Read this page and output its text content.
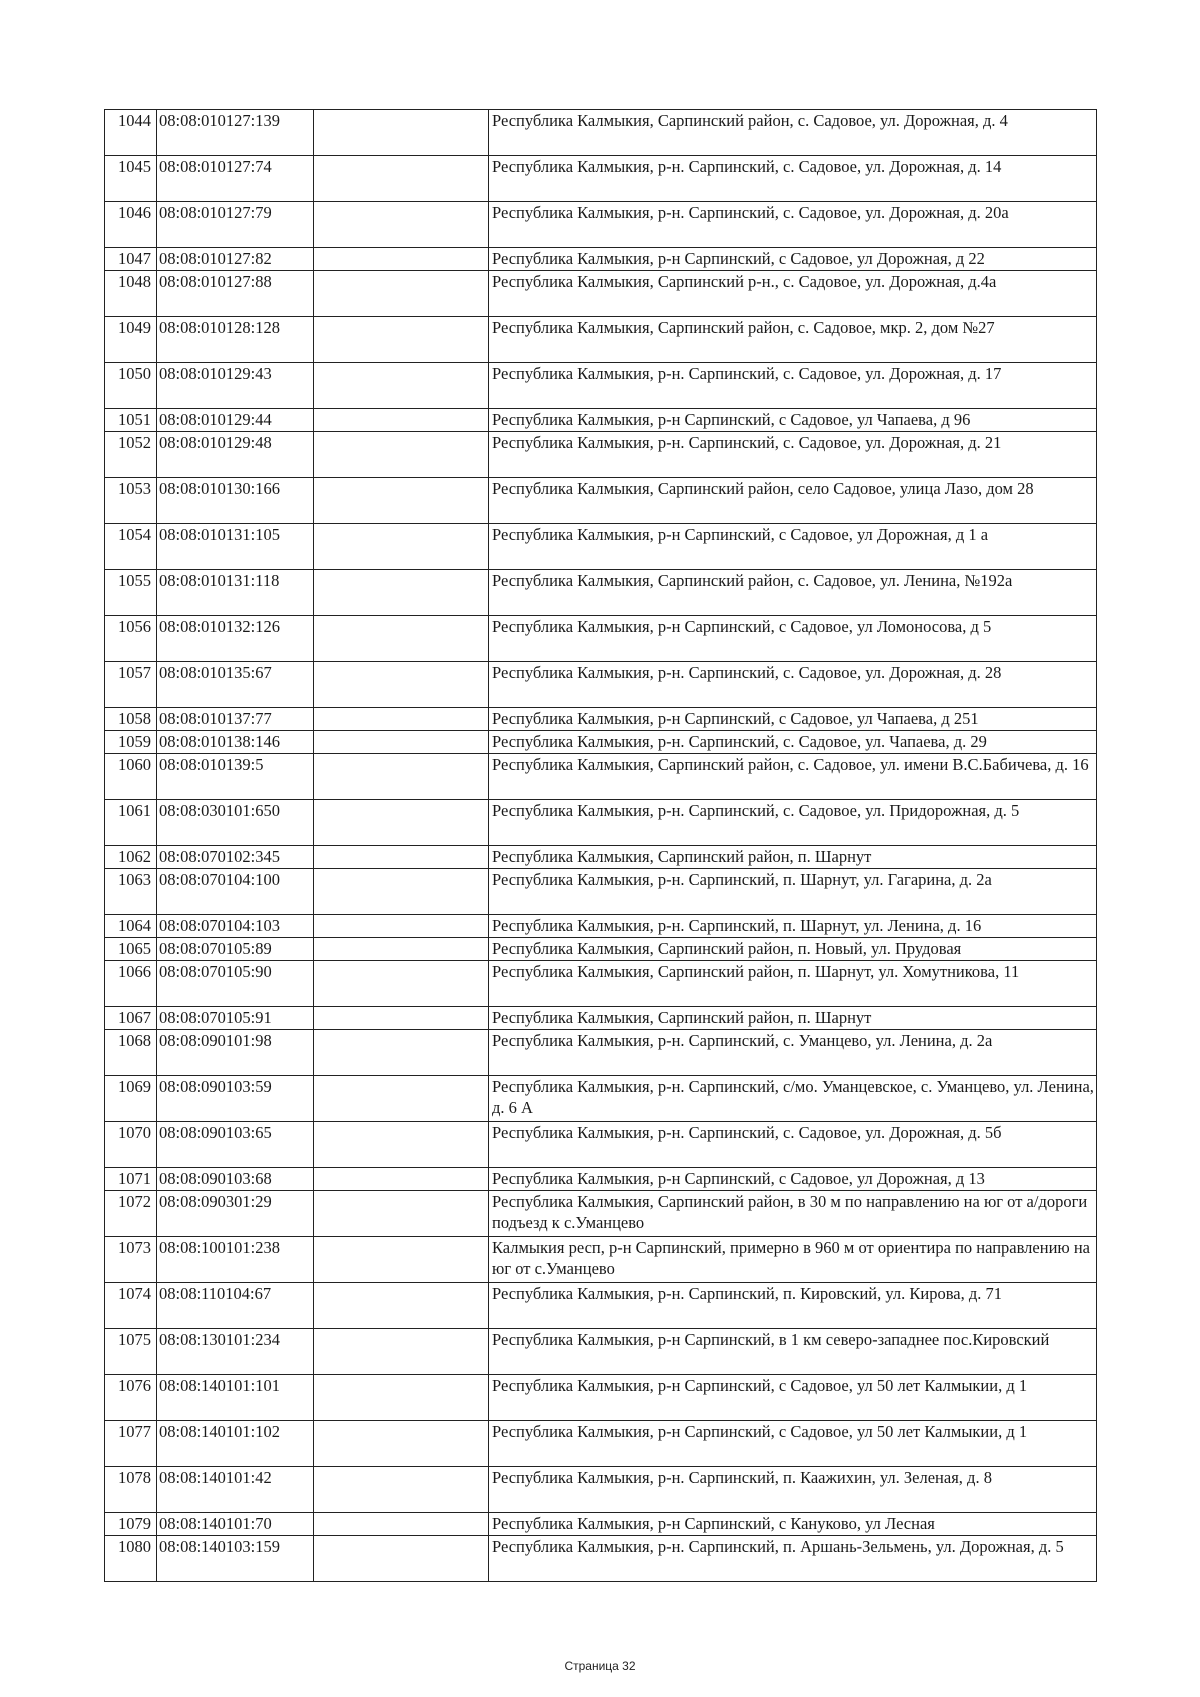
1044	08:08:010127:139		Республика Калмыкия, Сарпинский район, с. Садовое, ул. Дорожная, д. 4
1045	08:08:010127:74		Республика Калмыкия, р-н. Сарпинский, с. Садовое, ул. Дорожная, д. 14
1046	08:08:010127:79		Республика Калмыкия, р-н. Сарпинский, с. Садовое, ул. Дорожная, д. 20а
1047	08:08:010127:82		Республика Калмыкия, р-н Сарпинский, с Садовое, ул Дорожная, д 22
1048	08:08:010127:88		Республика Калмыкия, Сарпинский р-н., с. Садовое, ул. Дорожная, д.4а
1049	08:08:010128:128		Республика Калмыкия, Сарпинский район, с. Садовое, мкр. 2, дом №27
1050	08:08:010129:43		Республика Калмыкия, р-н. Сарпинский, с. Садовое, ул. Дорожная, д. 17
1051	08:08:010129:44		Республика Калмыкия, р-н Сарпинский, с Садовое, ул Чапаева, д 96
1052	08:08:010129:48		Республика Калмыкия, р-н. Сарпинский, с. Садовое, ул. Дорожная, д. 21
1053	08:08:010130:166		Республика Калмыкия, Сарпинский район, село Садовое, улица Лазо, дом 28
1054	08:08:010131:105		Республика Калмыкия, р-н Сарпинский, с Садовое, ул Дорожная, д 1 а
1055	08:08:010131:118		Республика Калмыкия, Сарпинский район, с. Садовое, ул. Ленина, №192а
1056	08:08:010132:126		Республика Калмыкия, р-н Сарпинский, с Садовое, ул Ломоносова, д 5
1057	08:08:010135:67		Республика Калмыкия, р-н. Сарпинский, с. Садовое, ул. Дорожная, д. 28
1058	08:08:010137:77		Республика Калмыкия, р-н Сарпинский, с Садовое, ул Чапаева, д 251
1059	08:08:010138:146		Республика Калмыкия, р-н. Сарпинский, с. Садовое, ул. Чапаева, д. 29
1060	08:08:010139:5		Республика Калмыкия, Сарпинский район, с. Садовое, ул. имени В.С.Бабичева, д. 16
1061	08:08:030101:650		Республика Калмыкия, р-н. Сарпинский, с. Садовое, ул. Придорожная, д. 5
1062	08:08:070102:345		Республика Калмыкия, Сарпинский район, п. Шарнут
1063	08:08:070104:100		Республика Калмыкия, р-н. Сарпинский, п. Шарнут, ул. Гагарина, д. 2а
1064	08:08:070104:103		Республика Калмыкия, р-н. Сарпинский, п. Шарнут, ул. Ленина, д. 16
1065	08:08:070105:89		Республика Калмыкия, Сарпинский район, п. Новый, ул. Прудовая
1066	08:08:070105:90		Республика Калмыкия, Сарпинский район, п. Шарнут, ул. Хомутникова, 11
1067	08:08:070105:91		Республика Калмыкия, Сарпинский район, п. Шарнут
1068	08:08:090101:98		Республика Калмыкия, р-н. Сарпинский, с. Уманцево, ул. Ленина, д. 2а
1069	08:08:090103:59		Республика Калмыкия, р-н. Сарпинский, с/мо. Уманцевское, с. Уманцево, ул. Ленина, д. 6 А
1070	08:08:090103:65		Республика Калмыкия, р-н. Сарпинский, с. Садовое, ул. Дорожная, д. 5б
1071	08:08:090103:68		Республика Калмыкия, р-н Сарпинский, с Садовое, ул Дорожная, д 13
1072	08:08:090301:29		Республика Калмыкия, Сарпинский район, в 30 м по направлению на юг от а/дороги подъезд к с.Уманцево
1073	08:08:100101:238		Калмыкия респ, р-н Сарпинский, примерно в 960 м от ориентира по направлению на юг от с.Уманцево
1074	08:08:110104:67		Республика Калмыкия, р-н. Сарпинский, п. Кировский, ул. Кирова, д. 71
1075	08:08:130101:234		Республика Калмыкия, р-н Сарпинский, в 1 км северо-западнее пос.Кировский
1076	08:08:140101:101		Республика Калмыкия, р-н Сарпинский, с Садовое, ул 50 лет Калмыкии, д 1
1077	08:08:140101:102		Республика Калмыкия, р-н Сарпинский, с Садовое, ул 50 лет Калмыкии, д 1
1078	08:08:140101:42		Республика Калмыкия, р-н. Сарпинский, п. Каажихин, ул. Зеленая, д. 8
1079	08:08:140101:70		Республика Калмыкия, р-н Сарпинский, с Кануково, ул Лесная
1080	08:08:140103:159		Республика Калмыкия, р-н. Сарпинский, п. Аршань-Зельмень, ул. Дорожная, д. 5
Страница 32
